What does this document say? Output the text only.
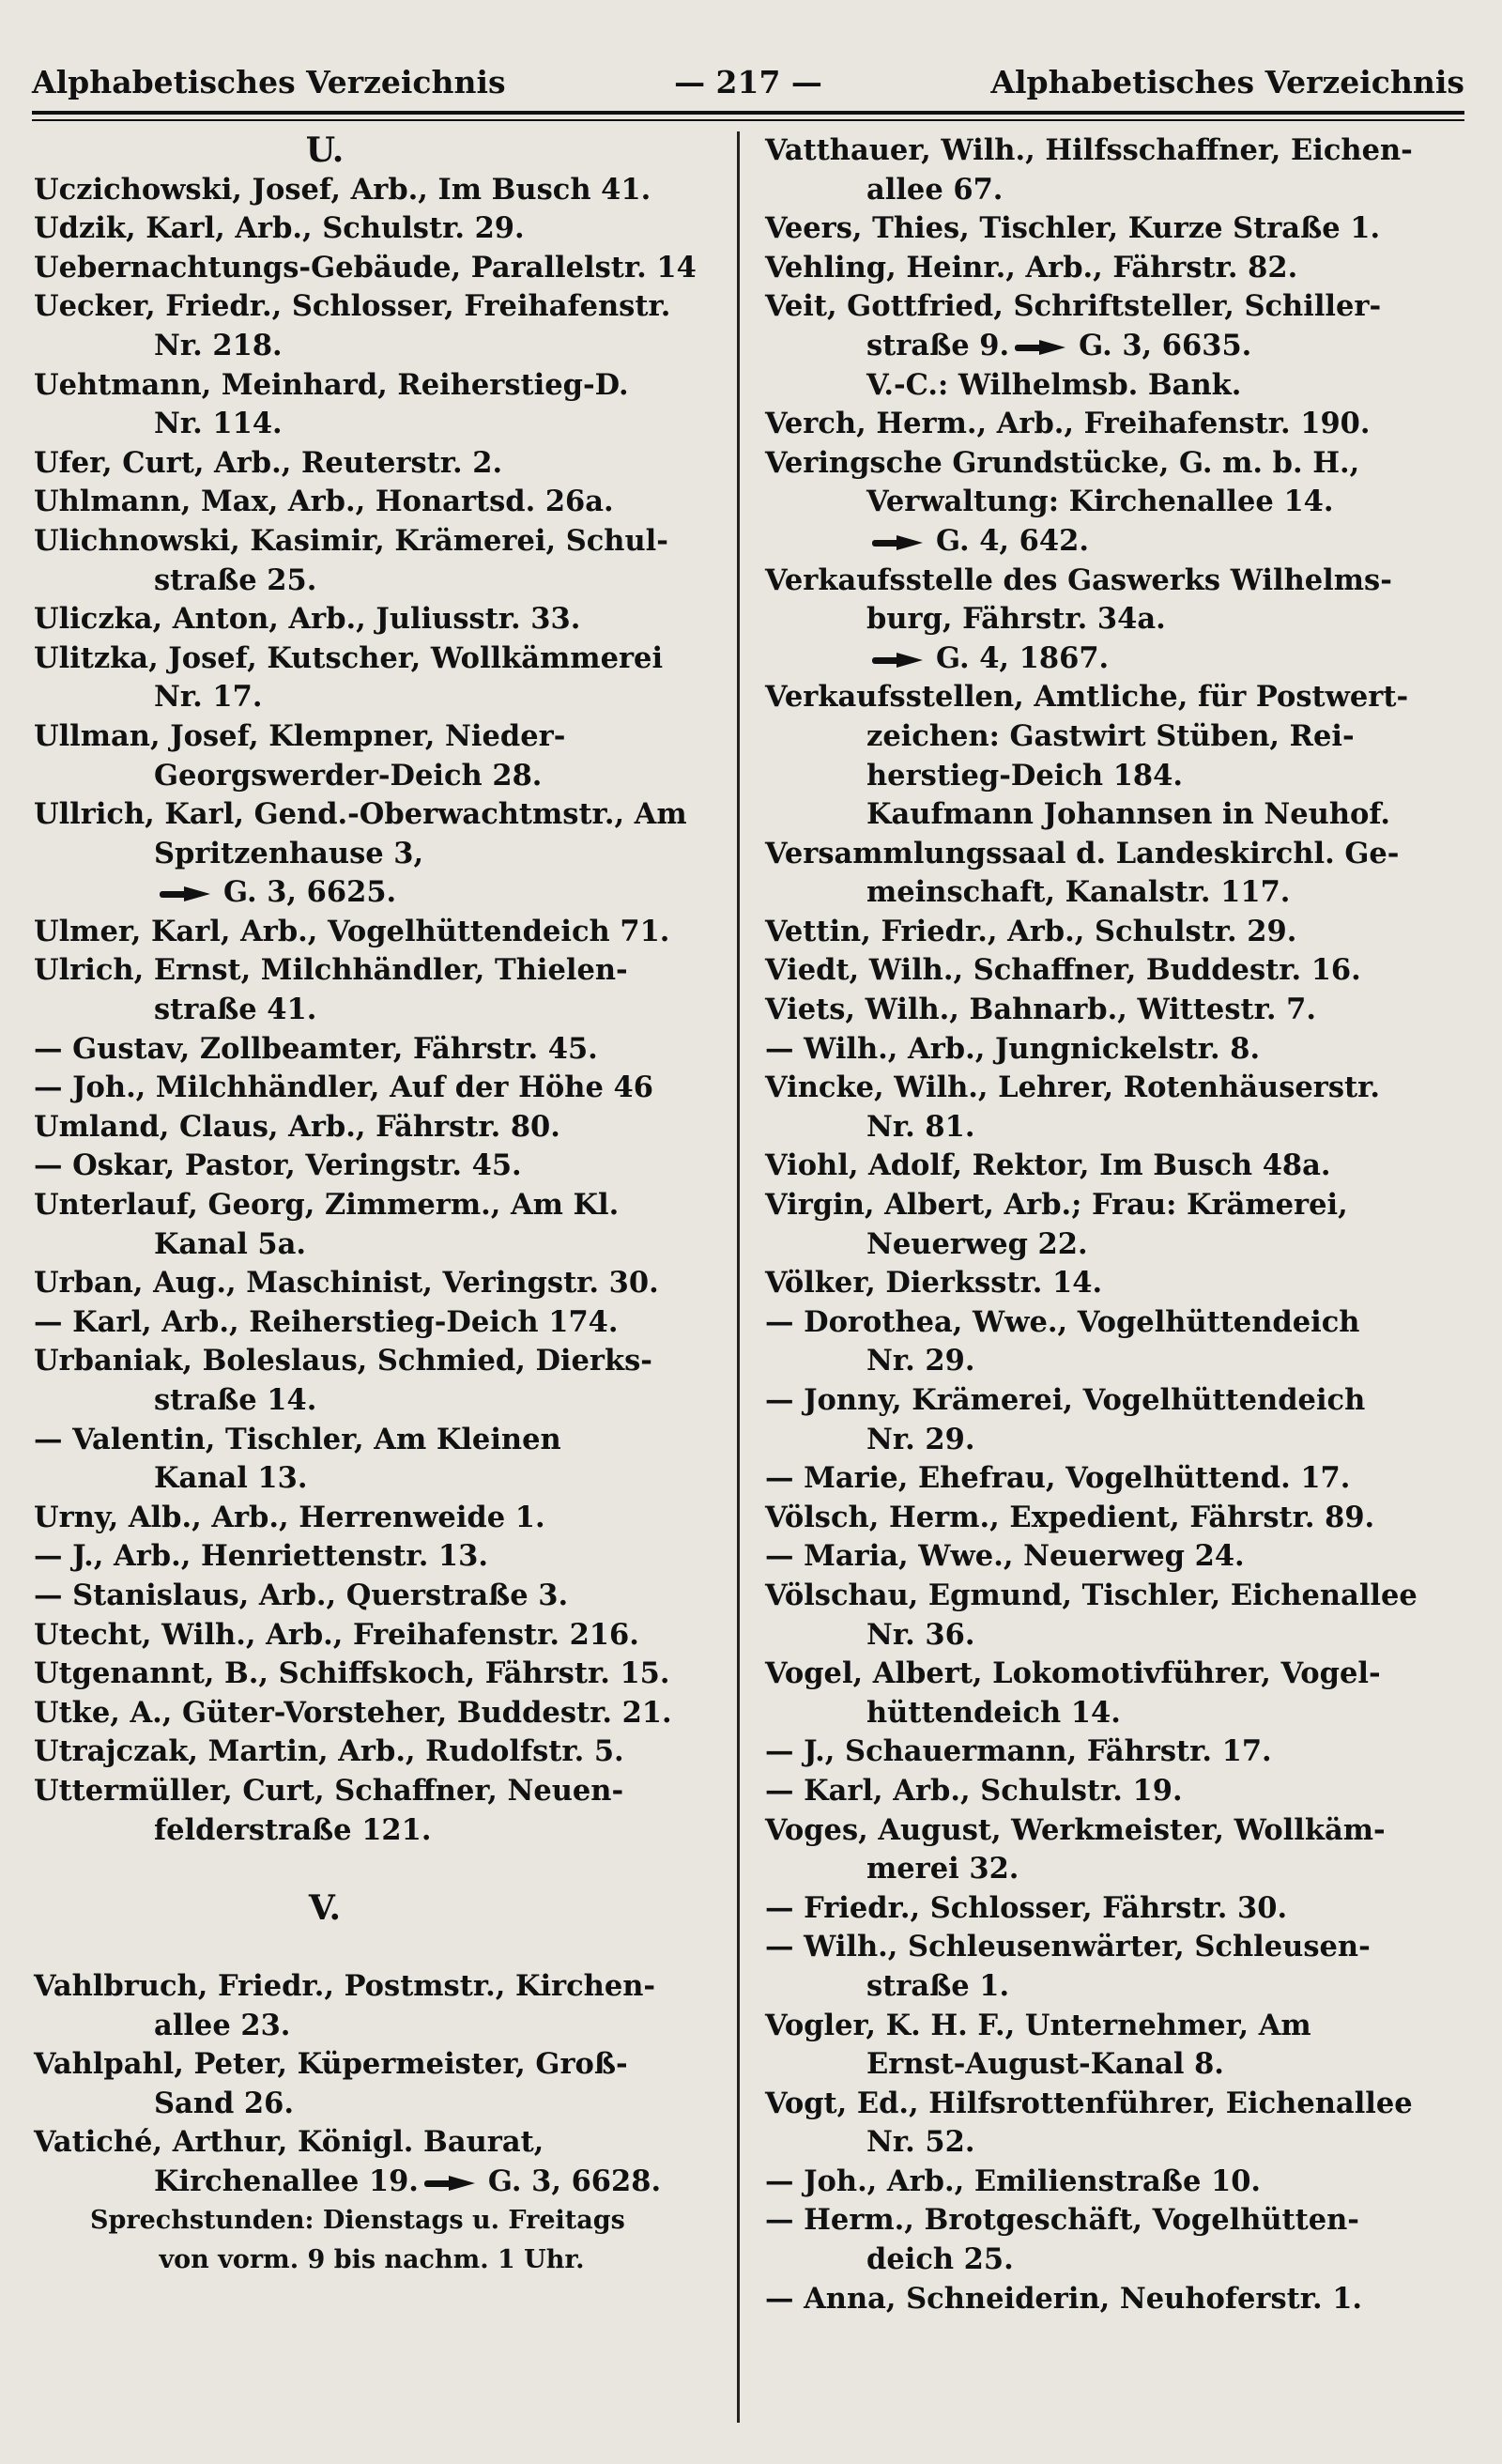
Alphabetisches Verzeichnis	— 217 —	Alphabetisches Verzeichnis
U.
Uczichowski, Josef, Arb., Im Busch 41.
Udzik, Karl, Arb., Schulstr. 29.
Uebernachtungs-Gebäude, Parallelstr. 14
Uecker, Friedr., Schlosser, Freihafenstr.
Nr. 218.
Uehtmann, Meinhard, Reiherstieg-D.
Nr. 114.
Ufer, Curt, Arb., Reuterstr. 2.
Uhlmann, Max, Arb., Honartsd. 26a.
Ulichnowski, Kasimir, Krämerei, Schul-
straße 25.
Uliczka, Anton, Arb., Juliusstr. 33.
Ulitzka, Josef, Kutscher, Wollkämmerei
Nr. 17.
Ullman, Josef, Klempner, Nieder-
Georgswerder-Deich 28.
Ullrich, Karl, Gend.-Oberwachtmstr., Am
Spritzenhause 3,
G. 3, 6625.
Ulmer, Karl, Arb., Vogelhüttendeich 71.
Ulrich, Ernst, Milchhändler, Thielen-
straße 41.
— Gustav, Zollbeamter, Fährstr. 45.
— Joh., Milchhändler, Auf der Höhe 46
Umland, Claus, Arb., Fährstr. 80.
— Oskar, Pastor, Veringstr. 45.
Unterlauf, Georg, Zimmerm., Am Kl.
Kanal 5a.
Urban, Aug., Maschinist, Veringstr. 30.
— Karl, Arb., Reiherstieg-Deich 174.
Urbaniak, Boleslaus, Schmied, Dierks-
straße 14.
— Valentin, Tischler, Am Kleinen
Kanal 13.
Urny, Alb., Arb., Herrenweide 1.
— J., Arb., Henriettenstr. 13.
— Stanislaus, Arb., Querstraße 3.
Utecht, Wilh., Arb., Freihafenstr. 216.
Utgenannt, B., Schiffskoch, Fährstr. 15.
Utke, A., Güter-Vorsteher, Buddestr. 21.
Utrajczak, Martin, Arb., Rudolfstr. 5.
Uttermüller, Curt, Schaffner, Neuen-
felderstraße 121.
V.
Vahlbruch, Friedr., Postmstr., Kirchen-
allee 23.
Vahlpahl, Peter, Küpermeister, Groß-
Sand 26.
Vatiché, Arthur, Königl. Baurat,
Kirchenallee 19. G. 3, 6628.
Sprechstunden: Dienstags u. Freitags
von vorm. 9 bis nachm. 1 Uhr.
Vatthauer, Wilh., Hilfsschaffner, Eichen-
allee 67.
Veers, Thies, Tischler, Kurze Straße 1.
Vehling, Heinr., Arb., Fährstr. 82.
Veit, Gottfried, Schriftsteller, Schiller-
straße 9. G. 3, 6635.
V.-C.: Wilhelmsb. Bank.
Verch, Herm., Arb., Freihafenstr. 190.
Veringsche Grundstücke, G. m. b. H.,
Verwaltung: Kirchenallee 14.
G. 4, 642.
Verkaufsstelle des Gaswerks Wilhelms-
burg, Fährstr. 34a.
G. 4, 1867.
Verkaufsstellen, Amtliche, für Postwert-
zeichen: Gastwirt Stüben, Rei-
herstieg-Deich 184.
Kaufmann Johannsen in Neuhof.
Versammlungssaal d. Landeskirchl. Ge-
meinschaft, Kanalstr. 117.
Vettin, Friedr., Arb., Schulstr. 29.
Viedt, Wilh., Schaffner, Buddestr. 16.
Viets, Wilh., Bahnarb., Wittestr. 7.
— Wilh., Arb., Jungnickelstr. 8.
Vincke, Wilh., Lehrer, Rotenhäuserstr.
Nr. 81.
Viohl, Adolf, Rektor, Im Busch 48a.
Virgin, Albert, Arb.; Frau: Krämerei,
Neuerweg 22.
Völker, Dierksstr. 14.
— Dorothea, Wwe., Vogelhüttendeich
Nr. 29.
— Jonny, Krämerei, Vogelhüttendeich
Nr. 29.
— Marie, Ehefrau, Vogelhüttend. 17.
Völsch, Herm., Expedient, Fährstr. 89.
— Maria, Wwe., Neuerweg 24.
Völschau, Egmund, Tischler, Eichenallee
Nr. 36.
Vogel, Albert, Lokomotivführer, Vogel-
hüttendeich 14.
— J., Schauermann, Fährstr. 17.
— Karl, Arb., Schulstr. 19.
Voges, August, Werkmeister, Wollkäm-
merei 32.
— Friedr., Schlosser, Fährstr. 30.
— Wilh., Schleusenwärter, Schleusen-
straße 1.
Vogler, K. H. F., Unternehmer, Am
Ernst-August-Kanal 8.
Vogt, Ed., Hilfsrottenführer, Eichenallee
Nr. 52.
— Joh., Arb., Emilienstraße 10.
— Herm., Brotgeschäft, Vogelhütten-
deich 25.
— Anna, Schneiderin, Neuhoferstr. 1.
